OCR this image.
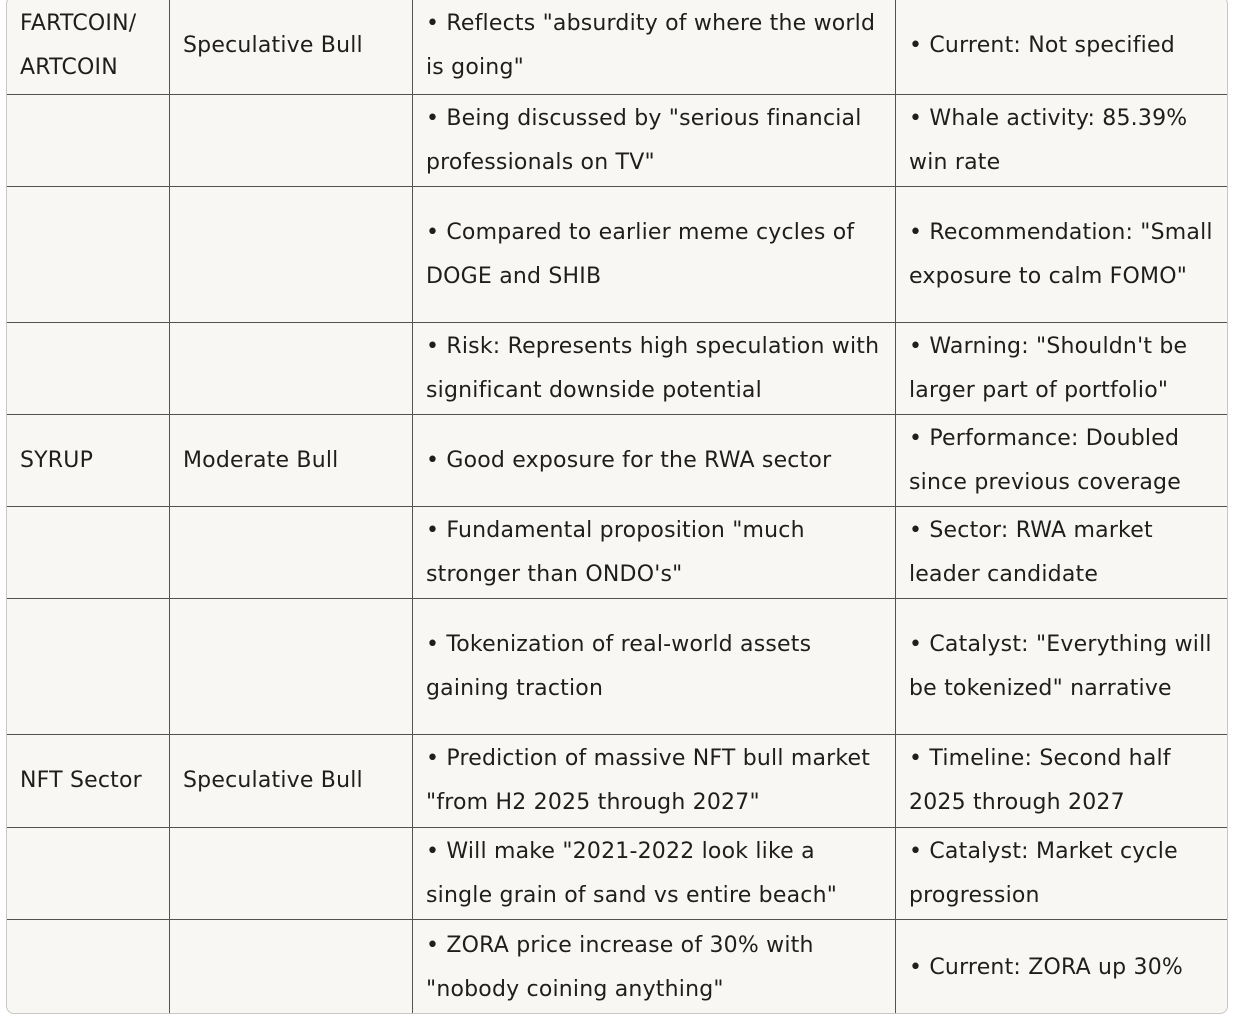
FARTCOIN/ ARTCOIN	Speculative Bull	• Reflects "absurdity of where the world is going"	• Current: Not specified
		• Being discussed by "serious financial professionals on TV"	• Whale activity: 85.39% win rate
		• Compared to earlier meme cycles of DOGE and SHIB	• Recommendation: "Small exposure to calm FOMO"
		• Risk: Represents high speculation with significant downside potential	• Warning: "Shouldn't be larger part of portfolio"
SYRUP	Moderate Bull	• Good exposure for the RWA sector	• Performance: Doubled since previous coverage
		• Fundamental proposition "much stronger than ONDO's"	• Sector: RWA market leader candidate
		• Tokenization of real-world assets gaining traction	• Catalyst: "Everything will be tokenized" narrative
NFT Sector	Speculative Bull	• Prediction of massive NFT bull market "from H2 2025 through 2027"	• Timeline: Second half 2025 through 2027
		• Will make "2021-2022 look like a single grain of sand vs entire beach"	• Catalyst: Market cycle progression
		• ZORA price increase of 30% with "nobody coining anything"	• Current: ZORA up 30%
